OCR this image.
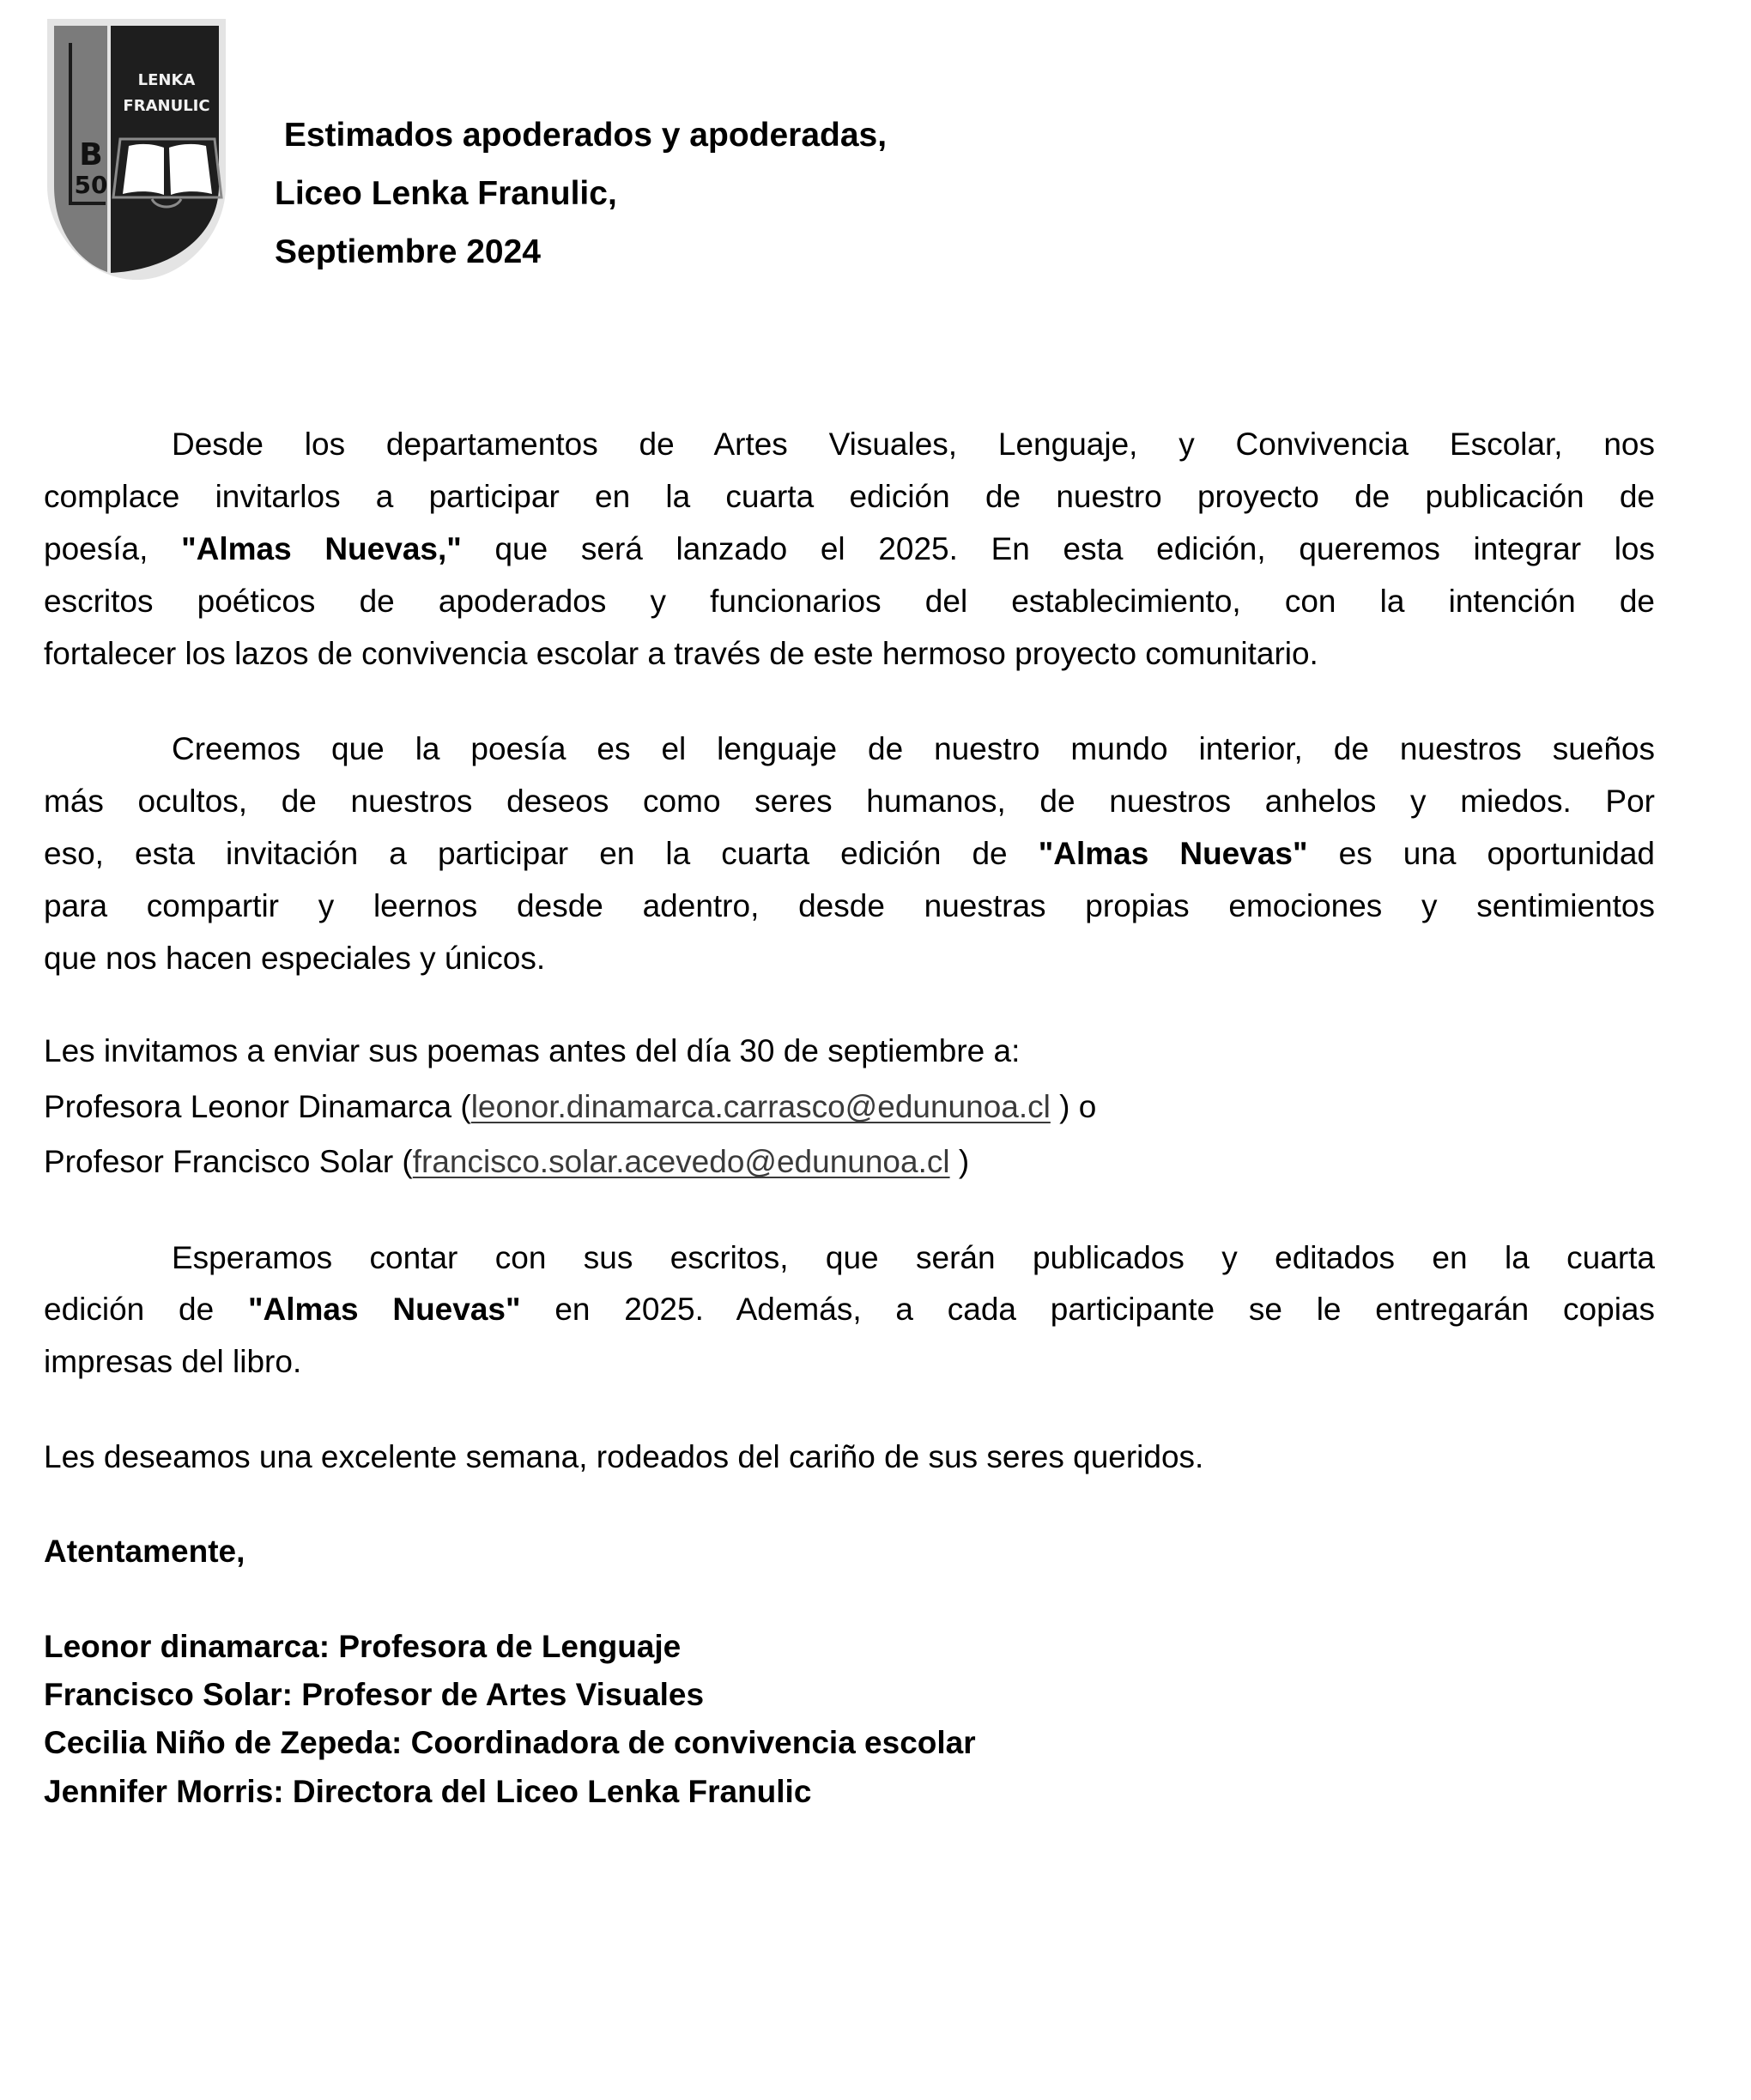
B
50
LENKA
FRANULIC
Estimados apoderados y apoderadas,
Liceo Lenka Franulic,
Septiembre 2024
Desde los departamentos de Artes Visuales, Lenguaje, y Convivencia Escolar, nos
complace invitarlos a participar en la cuarta edición de nuestro proyecto de publicación de
poesía, "Almas Nuevas," que será lanzado el 2025. En esta edición, queremos integrar los
escritos poéticos de apoderados y funcionarios del establecimiento, con la intención de
fortalecer los lazos de convivencia escolar a través de este hermoso proyecto comunitario.
Creemos que la poesía es el lenguaje de nuestro mundo interior, de nuestros sueños
más ocultos, de nuestros deseos como seres humanos, de nuestros anhelos y miedos. Por
eso, esta invitación a participar en la cuarta edición de "Almas Nuevas" es una oportunidad
para compartir y leernos desde adentro, desde nuestras propias emociones y sentimientos
que nos hacen especiales y únicos.
Les invitamos a enviar sus poemas antes del día 30 de septiembre a:
Profesora Leonor Dinamarca (leonor.dinamarca.carrasco@edununoa.cl ) o
Profesor Francisco Solar (francisco.solar.acevedo@edununoa.cl )
Esperamos contar con sus escritos, que serán publicados y editados en la cuarta
edición de "Almas Nuevas" en 2025. Además, a cada participante se le entregarán copias
impresas del libro.
Les deseamos una excelente semana, rodeados del cariño de sus seres queridos.
Atentamente,
Leonor dinamarca: Profesora de Lenguaje
Francisco Solar: Profesor de Artes Visuales
Cecilia Niño de Zepeda: Coordinadora de convivencia escolar
Jennifer Morris: Directora del Liceo Lenka Franulic
